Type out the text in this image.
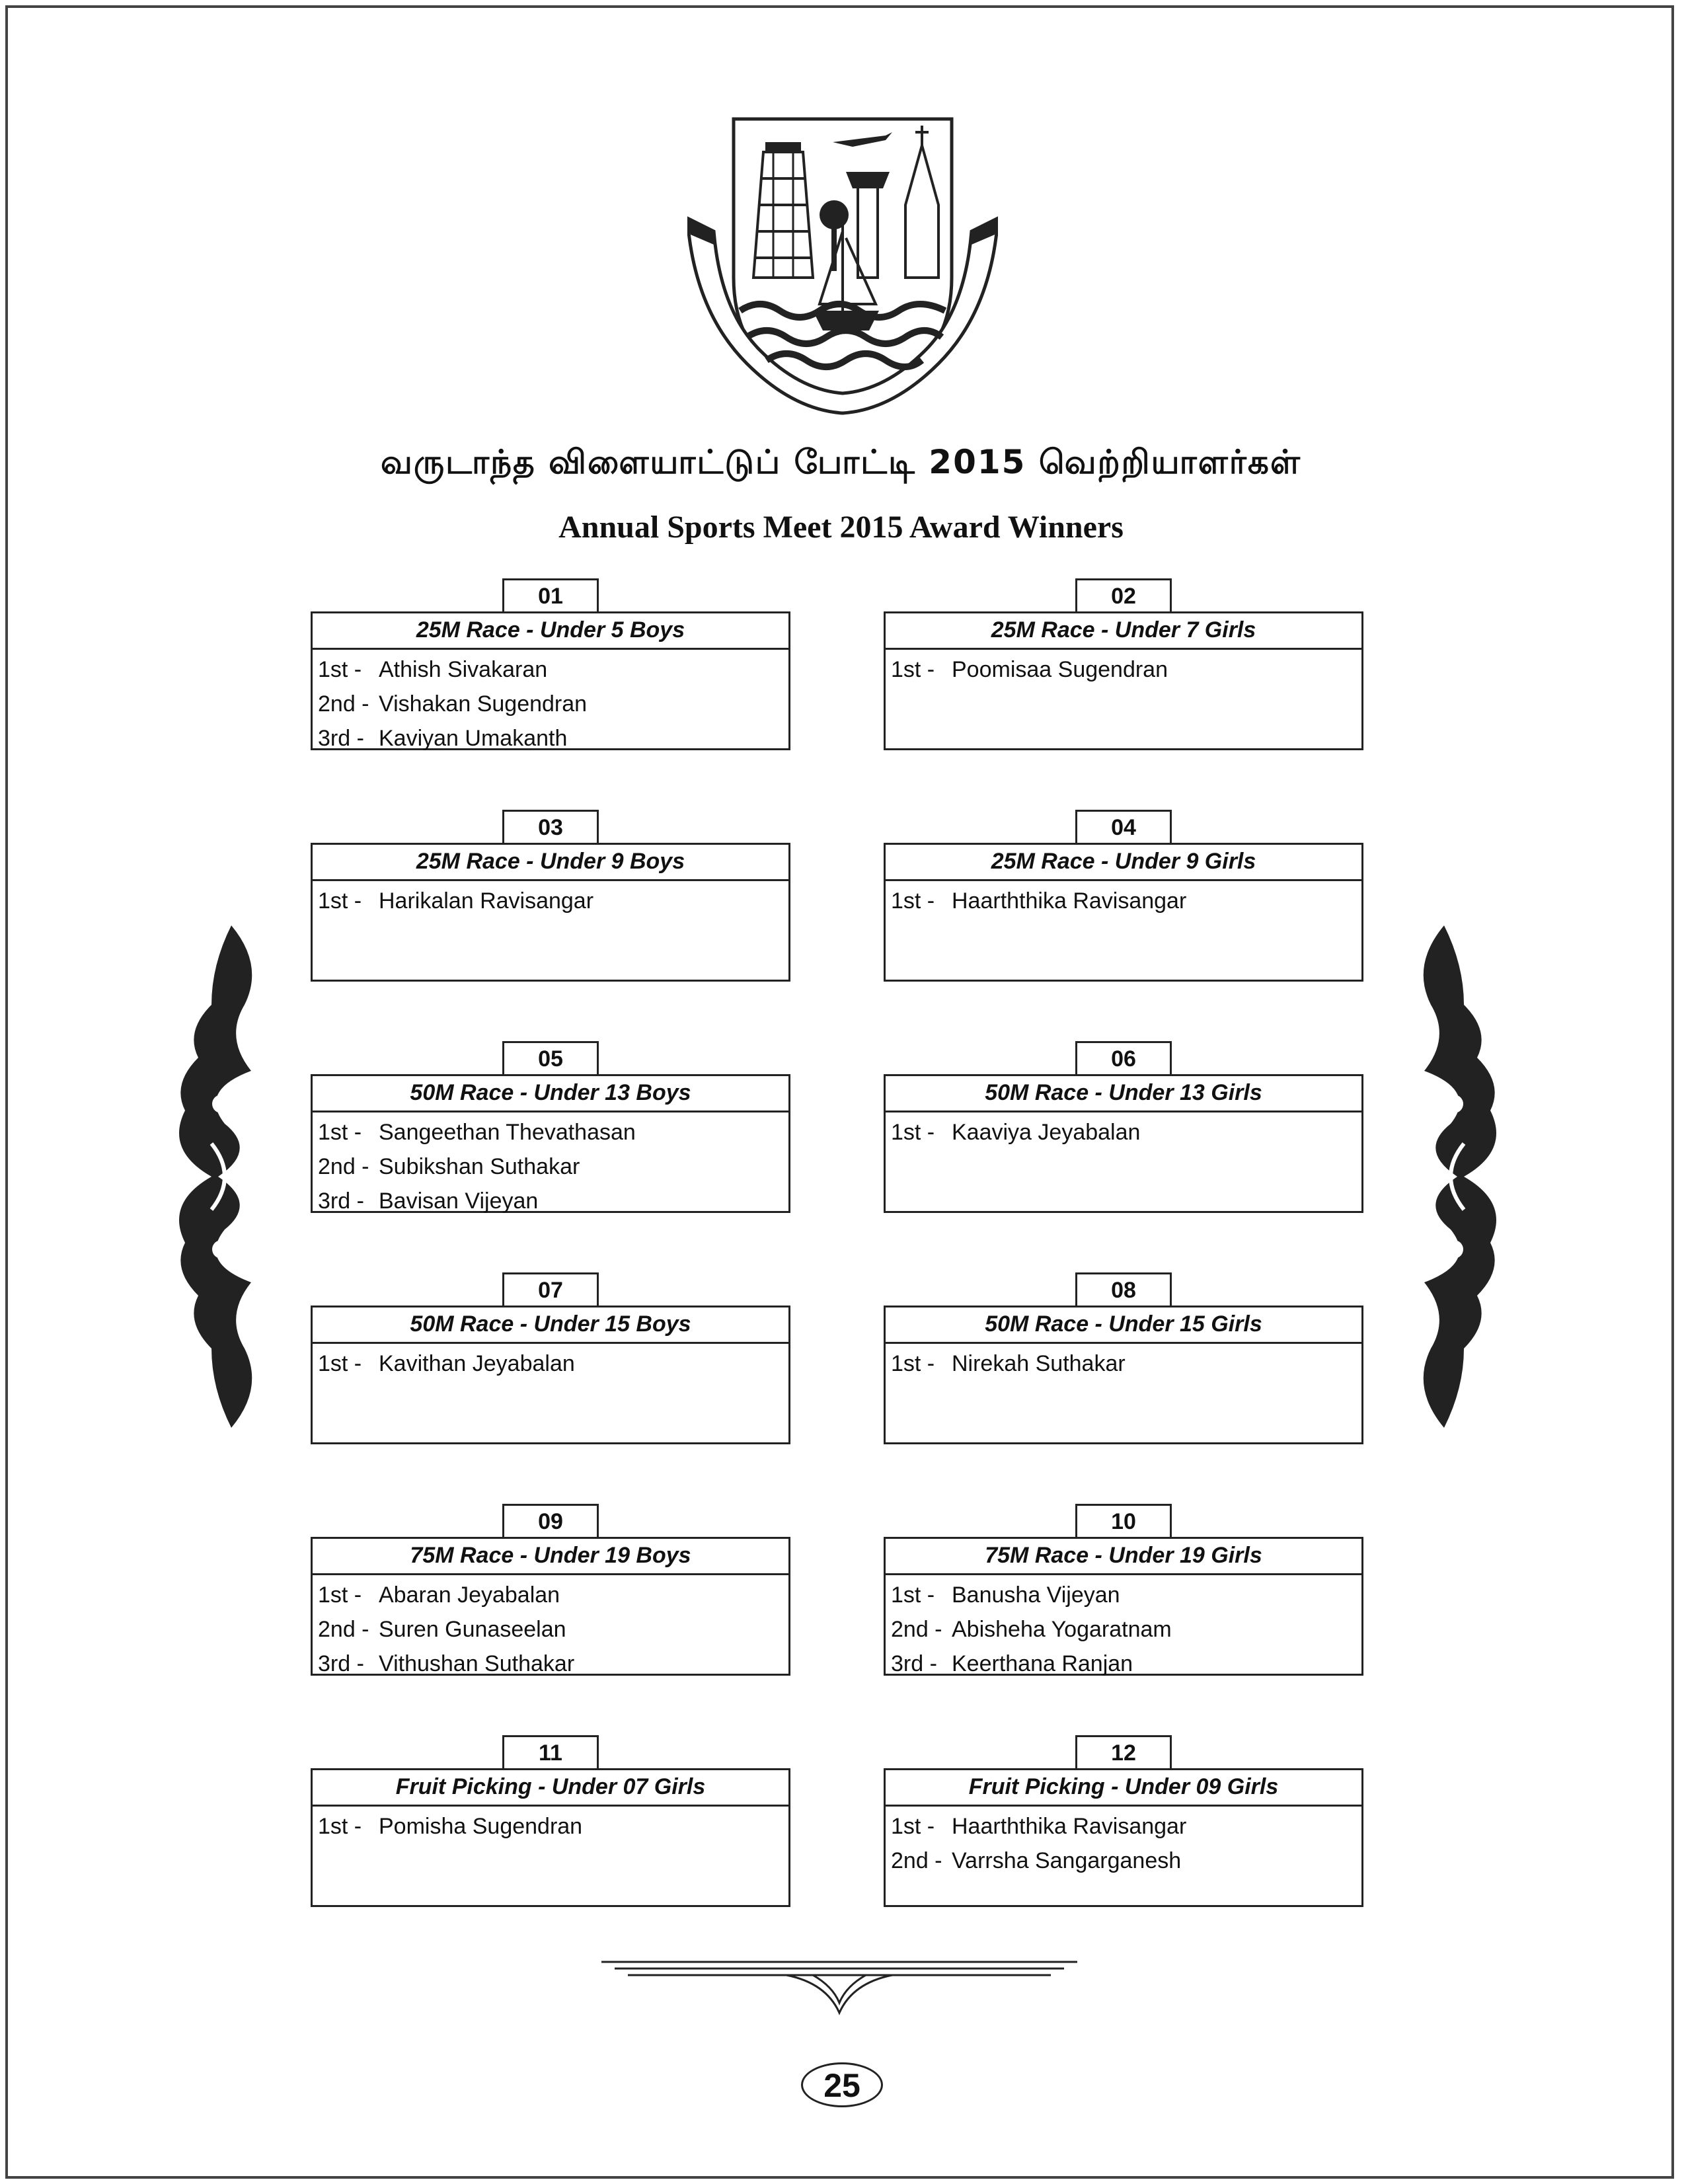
வருடாந்த விளையாட்டுப் போட்டி 2015 வெற்றியாளர்கள்
Annual Sports Meet 2015 Award Winners
01
25M Race - Under 5 Boys
1st - Athish Sivakaran
2nd - Vishakan Sugendran
3rd - Kaviyan Umakanth
02
25M Race - Under 7 Girls
1st - Poomisaa Sugendran
03
25M Race - Under 9 Boys
1st - Harikalan Ravisangar
04
25M Race - Under 9 Girls
1st - Haarththika Ravisangar
05
50M Race - Under 13 Boys
1st - Sangeethan Thevathasan
2nd - Subikshan Suthakar
3rd - Bavisan Vijeyan
06
50M Race - Under 13 Girls
1st - Kaaviya Jeyabalan
07
50M Race - Under 15 Boys
1st - Kavithan Jeyabalan
08
50M Race - Under 15 Girls
1st - Nirekah Suthakar
09
75M Race - Under 19 Boys
1st - Abaran Jeyabalan
2nd - Suren Gunaseelan
3rd - Vithushan Suthakar
10
75M Race - Under 19 Girls
1st - Banusha Vijeyan
2nd - Abisheha Yogaratnam
3rd - Keerthana Ranjan
11
Fruit Picking - Under 07 Girls
1st - Pomisha Sugendran
12
Fruit Picking - Under 09 Girls
1st - Haarththika Ravisangar
2nd - Varrsha Sangarganesh
25
